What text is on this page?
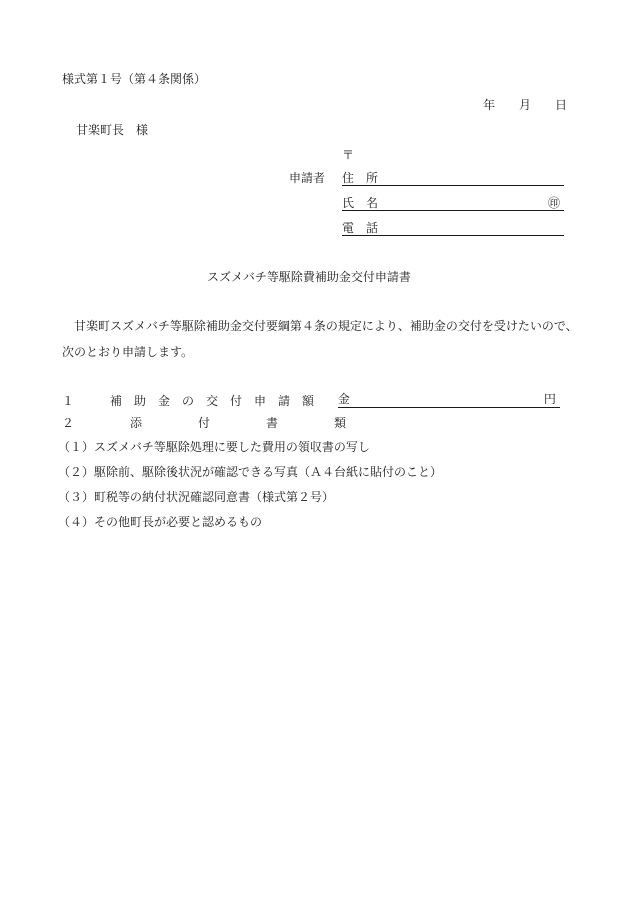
様式第１号（第４条関係）
年 月 日
甘楽町長　様
〒
申請者 住所
氏名	㊞
電話
スズメバチ等駆除費補助金交付申請書
甘楽町スズメバチ等駆除補助金交付要綱第４条の規定により、補助金の交付を受けたいので、次のとおり申請します。
１　補助金の交付申請額 金	円
２　添　付　書　類
（１）スズメバチ等駆除処理に要した費用の領収書の写し
（２）駆除前、駆除後状況が確認できる写真（Ａ４台紙に貼付のこと）
（３）町税等の納付状況確認同意書（様式第２号）
（４）その他町長が必要と認めるもの
